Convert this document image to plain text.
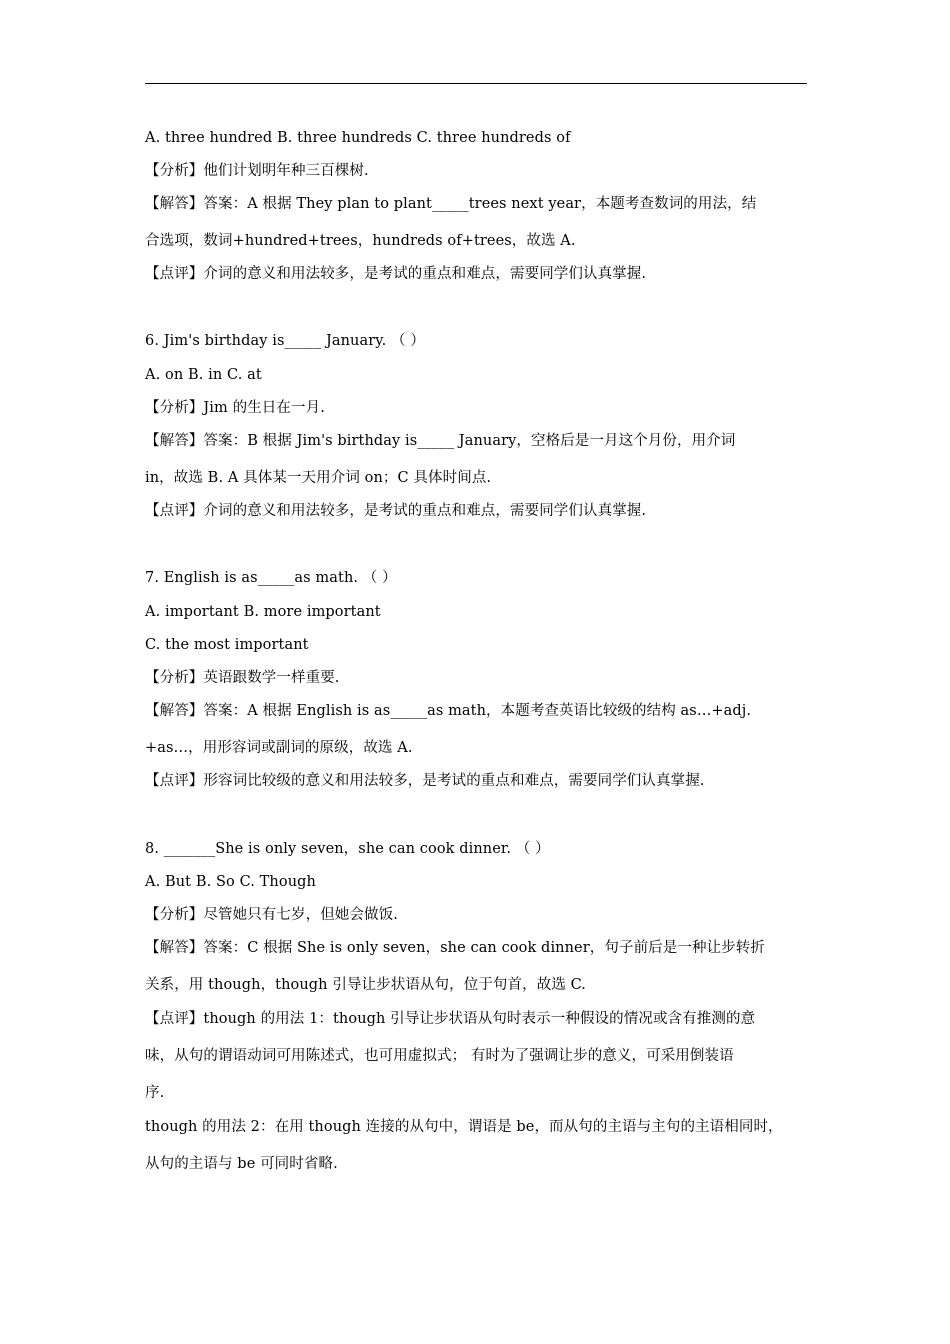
A. three hundred B. three hundreds C. three hundreds of
【分析】他们计划明年种三百棵树.
【解答】答案：A 根据 They plan to plant_____trees next year，本题考查数词的用法，结
合选项，数词+hundred+trees，hundreds of+trees，故选 A.
【点评】介词的意义和用法较多，是考试的重点和难点，需要同学们认真掌握.
6. Jim's birthday is_____ January. （ ）
A. on B. in C. at
【分析】Jim 的生日在一月.
【解答】答案：B 根据 Jim's birthday is_____ January，空格后是一月这个月份，用介词
in，故选 B. A 具体某一天用介词 on；C 具体时间点.
【点评】介词的意义和用法较多，是考试的重点和难点，需要同学们认真掌握.
7. English is as_____as math. （ ）
A. important B. more important
C. the most important
【分析】英语跟数学一样重要.
【解答】答案：A 根据 English is as_____as math，本题考查英语比较级的结构 as…+adj.
+as…，用形容词或副词的原级，故选 A.
【点评】形容词比较级的意义和用法较多，是考试的重点和难点，需要同学们认真掌握.
8. _______She is only seven，she can cook dinner. （ ）
A. But B. So C. Though
【分析】尽管她只有七岁，但她会做饭.
【解答】答案：C 根据 She is only seven，she can cook dinner，句子前后是一种让步转折
关系，用 though，though 引导让步状语从句，位于句首，故选 C.
【点评】though 的用法 1：though 引导让步状语从句时表示一种假设的情况或含有推测的意
味，从句的谓语动词可用陈述式，也可用虚拟式； 有时为了强调让步的意义，可采用倒装语
序.
though 的用法 2：在用 though 连接的从句中，谓语是 be，而从句的主语与主句的主语相同时，
从句的主语与 be 可同时省略.
